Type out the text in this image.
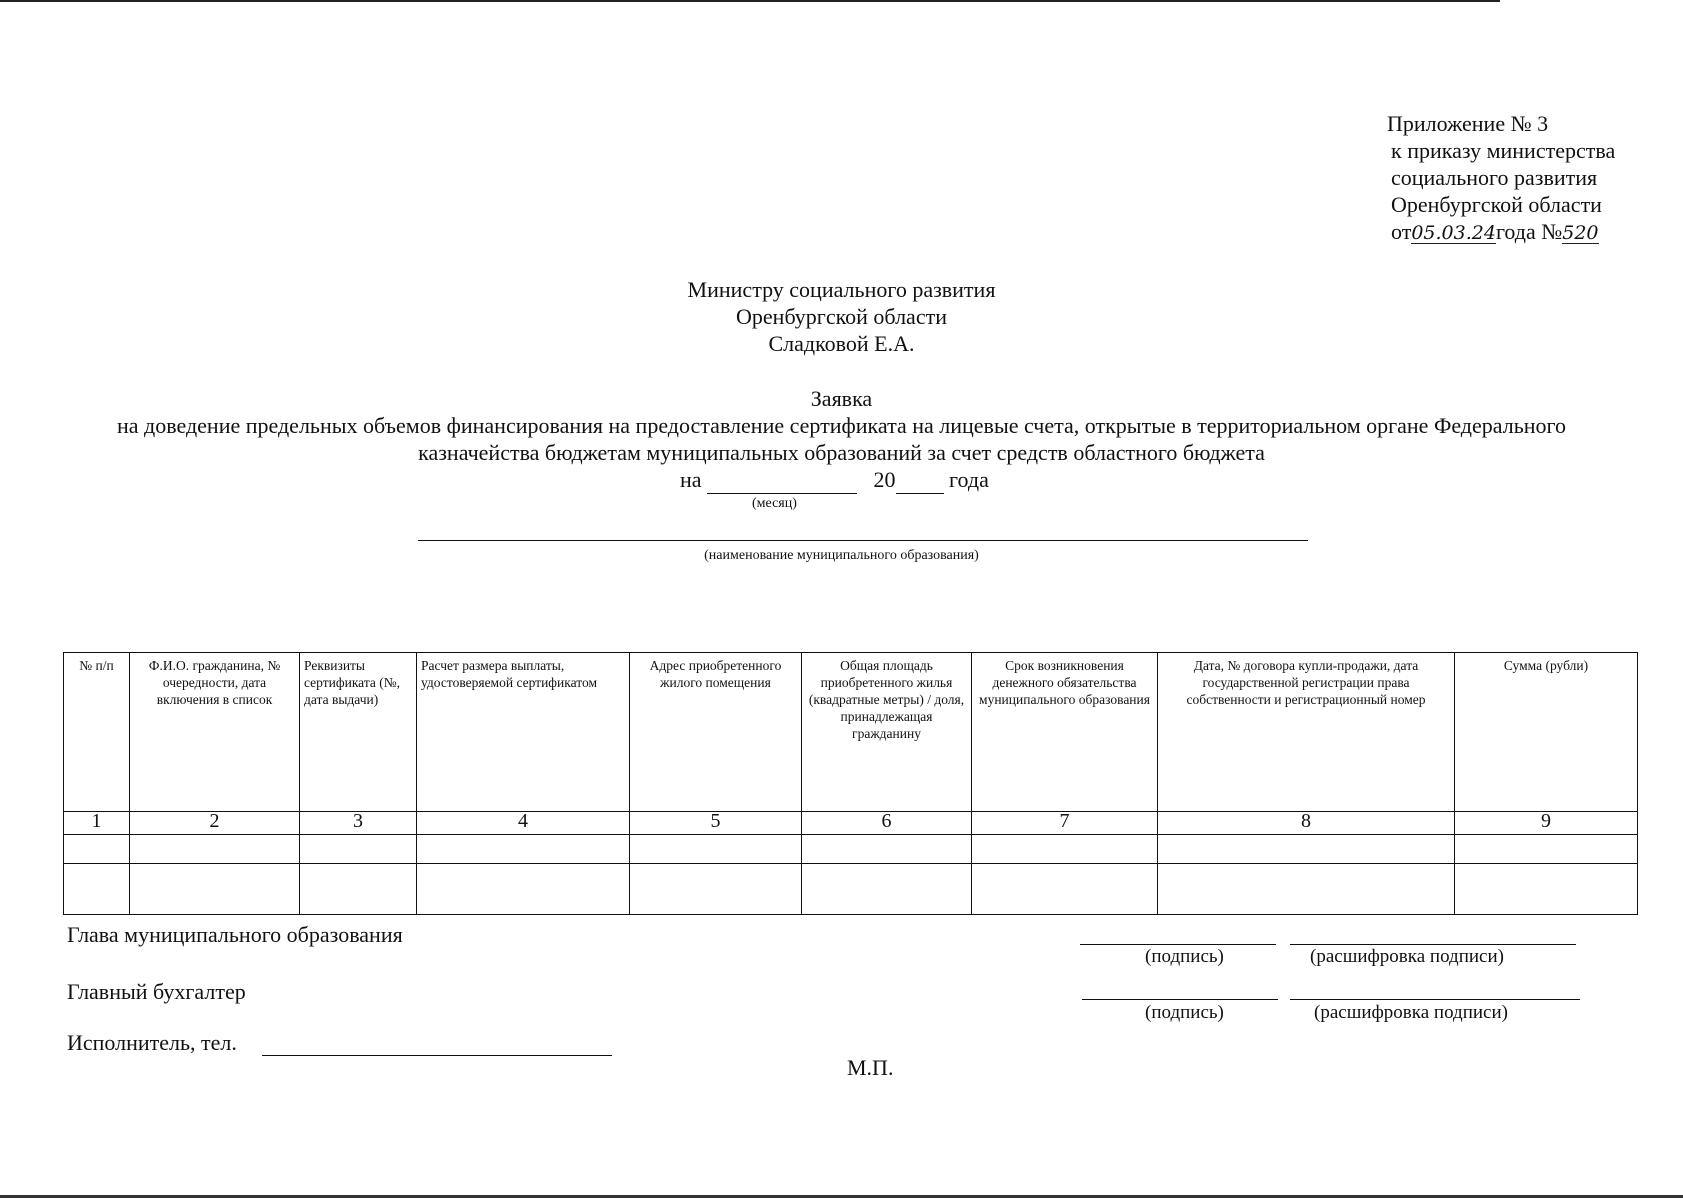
Приложение № 3
к приказу министерства
социального развития
Оренбургской области
от05.03.24года №520
Министру социального развития
Оренбургской области
Сладковой Е.А.
Заявка
на доведение предельных объемов финансирования на предоставление сертификата на лицевые счета, открытые в территориальном органе Федерального
казначейства бюджетам муниципальных образований за счет средств областного бюджета
на	20 года
(месяц)
(наименование муниципального образования)
№ п/п	Ф.И.О. гражданина, № очередности, дата включения в список	Реквизиты сертификата (№, дата выдачи)	Расчет размера выплаты, удостоверяемой сертификатом	Адрес приобретенного жилого помещения	Общая площадь приобретенного жилья (квадратные метры) / доля, принадлежащая гражданину	Срок возникновения денежного обязательства муниципального образования	Дата, № договора купли-продажи, дата государственной регистрации права собственности и регистрационный номер	Сумма (рубли)
1	2	3	4	5	6	7	8	9

Глава муниципального образования
(подпись)	(расшифровка подписи)
Главный бухгалтер
(подпись)	(расшифровка подписи)
Исполнитель, тел.
М.П.
